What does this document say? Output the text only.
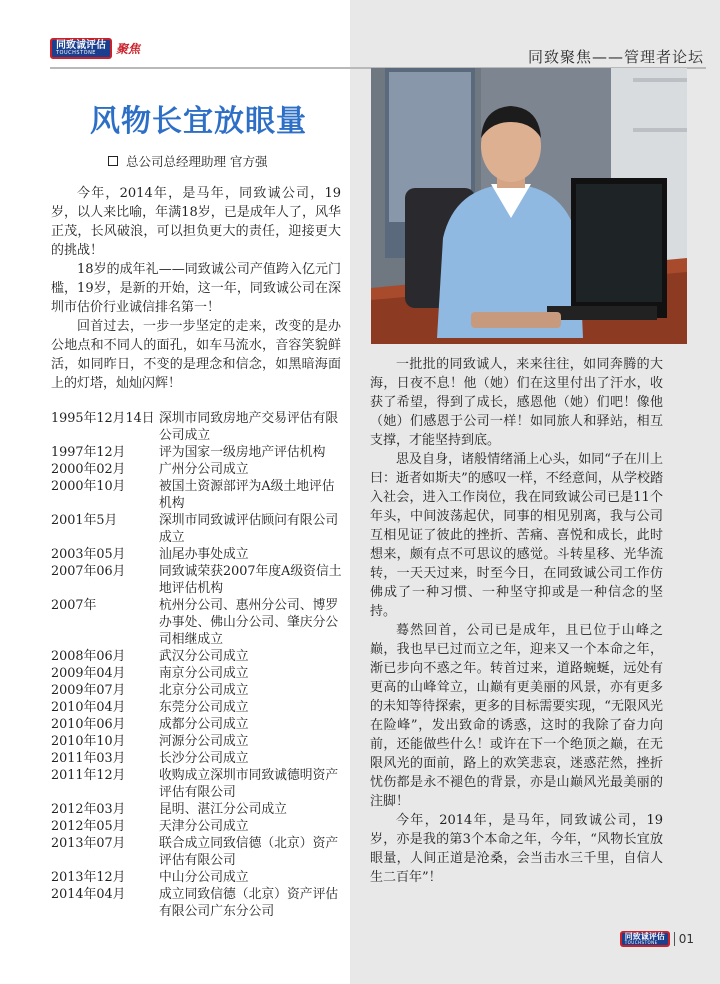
同致诚评估
TOUCHSTONE	聚焦	同致聚焦——管理者论坛
风物长宜放眼量
总公司总经理助理 官方强

今年，2014年，是马年，同致诚公司，19岁，以人来比喻，年满18岁，已是成年人了，风华正茂，长风破浪，可以担负更大的责任，迎接更大的挑战！

18岁的成年礼——同致诚公司产值跨入亿元门槛，19岁，是新的开始，这一年，同致诚公司在深圳市估价行业诚信排名第一！

回首过去，一步一步坚定的走来，改变的是办公地点和不同人的面孔，如车马流水，音容笑貌鲜活，如同昨日，不变的是理念和信念，如黑暗海面上的灯塔，灿灿闪辉！

1995年12月14日 深圳市同致房地产交易评估有限公司成立
1997年12月	评为国家一级房地产评估机构
2000年02月	广州分公司成立
2000年10月	被国土资源部评为A级土地评估机构
2001年5月	深圳市同致诚评估顾问有限公司成立
2003年05月	汕尾办事处成立
2007年06月	同致诚荣获2007年度A级资信土地评估机构
2007年	杭州分公司、惠州分公司、博罗办事处、佛山分公司、肇庆分公司相继成立
2008年06月	武汉分公司成立
2009年04月	南京分公司成立
2009年07月	北京分公司成立
2010年04月	东莞分公司成立
2010年06月	成都分公司成立
2010年10月	河源分公司成立
2011年03月	长沙分公司成立
2011年12月	收购成立深圳市同致诚德明资产评估有限公司
2012年03月	昆明、湛江分公司成立
2012年05月	天津分公司成立
2013年07月	联合成立同致信德（北京）资产评估有限公司
2013年12月	中山分公司成立
2014年04月	成立同致信德（北京）资产评估有限公司广东分公司

一批批的同致诚人，来来往往，如同奔腾的大海，日夜不息！他（她）们在这里付出了汗水，收获了希望，得到了成长，感恩他（她）们吧！像他（她）们感恩于公司一样！如同旅人和驿站，相互支撑，才能坚持到底。

思及自身，诸般情绪涌上心头，如同“子在川上曰：逝者如斯夫”的感叹一样，不经意间，从学校踏入社会，进入工作岗位，我在同致诚公司已是11个年头，中间波荡起伏，同事的相见别离，我与公司互相见证了彼此的挫折、苦痛、喜悦和成长，此时想来，颇有点不可思议的感觉。斗转星移、光华流转，一天天过来，时至今日，在同致诚公司工作仿佛成了一种习惯、一种坚守抑或是一种信念的坚持。

蓦然回首，公司已是成年，且已位于山峰之巅，我也早已过而立之年，迎来又一个本命之年，渐已步向不惑之年。转首过来，道路蜿蜒，远处有更高的山峰耸立，山巅有更美丽的风景，亦有更多的未知等待探索，更多的目标需要实现，“无限风光在险峰”，发出致命的诱惑，这时的我除了奋力向前，还能做些什么！或许在下一个绝顶之巅，在无限风光的面前，路上的欢笑悲哀，迷惑茫然，挫折忧伤都是永不褪色的背景，亦是山巅风光最美丽的注脚！

今年，2014年，是马年，同致诚公司，19岁，亦是我的第3个本命之年，今年，“风物长宜放眼量，人间正道是沧桑，会当击水三千里，自信人生二百年”！

同致诚评估
TOUCHSTONE	01
